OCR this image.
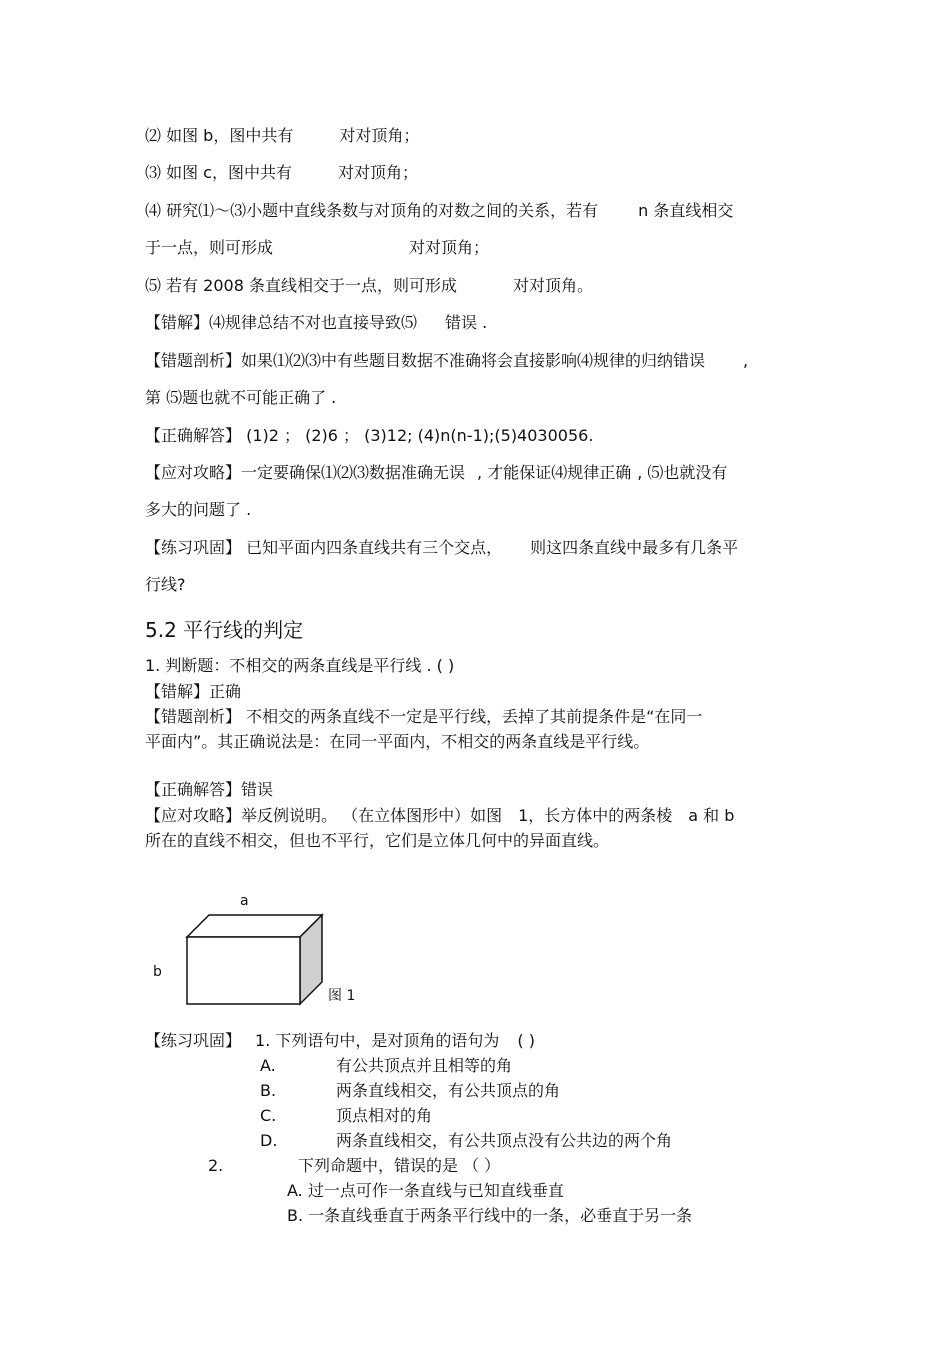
⑵ 如图 b，图中共有	对对顶角；
⑶ 如图 c，图中共有	对对顶角；
⑷ 研究⑴～⑶小题中直线条数与对顶角的对数之间的关系，若有	n 条直线相交
于一点，则可形成	对对顶角；
⑸ 若有 2008 条直线相交于一点，则可形成	对对顶角。
【错解】⑷规律总结不对也直接导致⑸ 错误 .
【错题剖析】如果⑴⑵⑶中有些题目数据不准确将会直接影响⑷规律的归纳错误 ,
第 ⑸题也就不可能正确了 .
【正确解答】 (1)2 ； (2)6 ； (3)12; (4)n(n-1);(5)4030056.
【应对攻略】一定要确保⑴⑵⑶数据准确无误 , 才能保证⑷规律正确 , ⑸也就没有
多大的问题了 .
【练习巩固】 已知平面内四条直线共有三个交点， 则这四条直线中最多有几条平
行线?
5.2 平行线的判定
1. 判断题：不相交的两条直线是平行线 . ( )
【错解】正确
【错题剖析】 不相交的两条直线不一定是平行线，丢掉了其前提条件是“在同一
平面内”。其正确说法是：在同一平面内，不相交的两条直线是平行线。
【正确解答】错误
【应对攻略】举反例说明。 （在立体图形中）如图 1，长方体中的两条棱 a 和 b
所在的直线不相交，但也不平行，它们是立体几何中的异面直线。
a
b
图 1
【练习巩固】 1. 下列语句中，是对顶角的语句为 ( )
A.	有公共顶点并且相等的角
B.	两条直线相交，有公共顶点的角
C.	顶点相对的角
D.	两条直线相交，有公共顶点没有公共边的两个角
2.	下列命题中，错误的是 （ ）
A. 过一点可作一条直线与已知直线垂直
B. 一条直线垂直于两条平行线中的一条，必垂直于另一条
